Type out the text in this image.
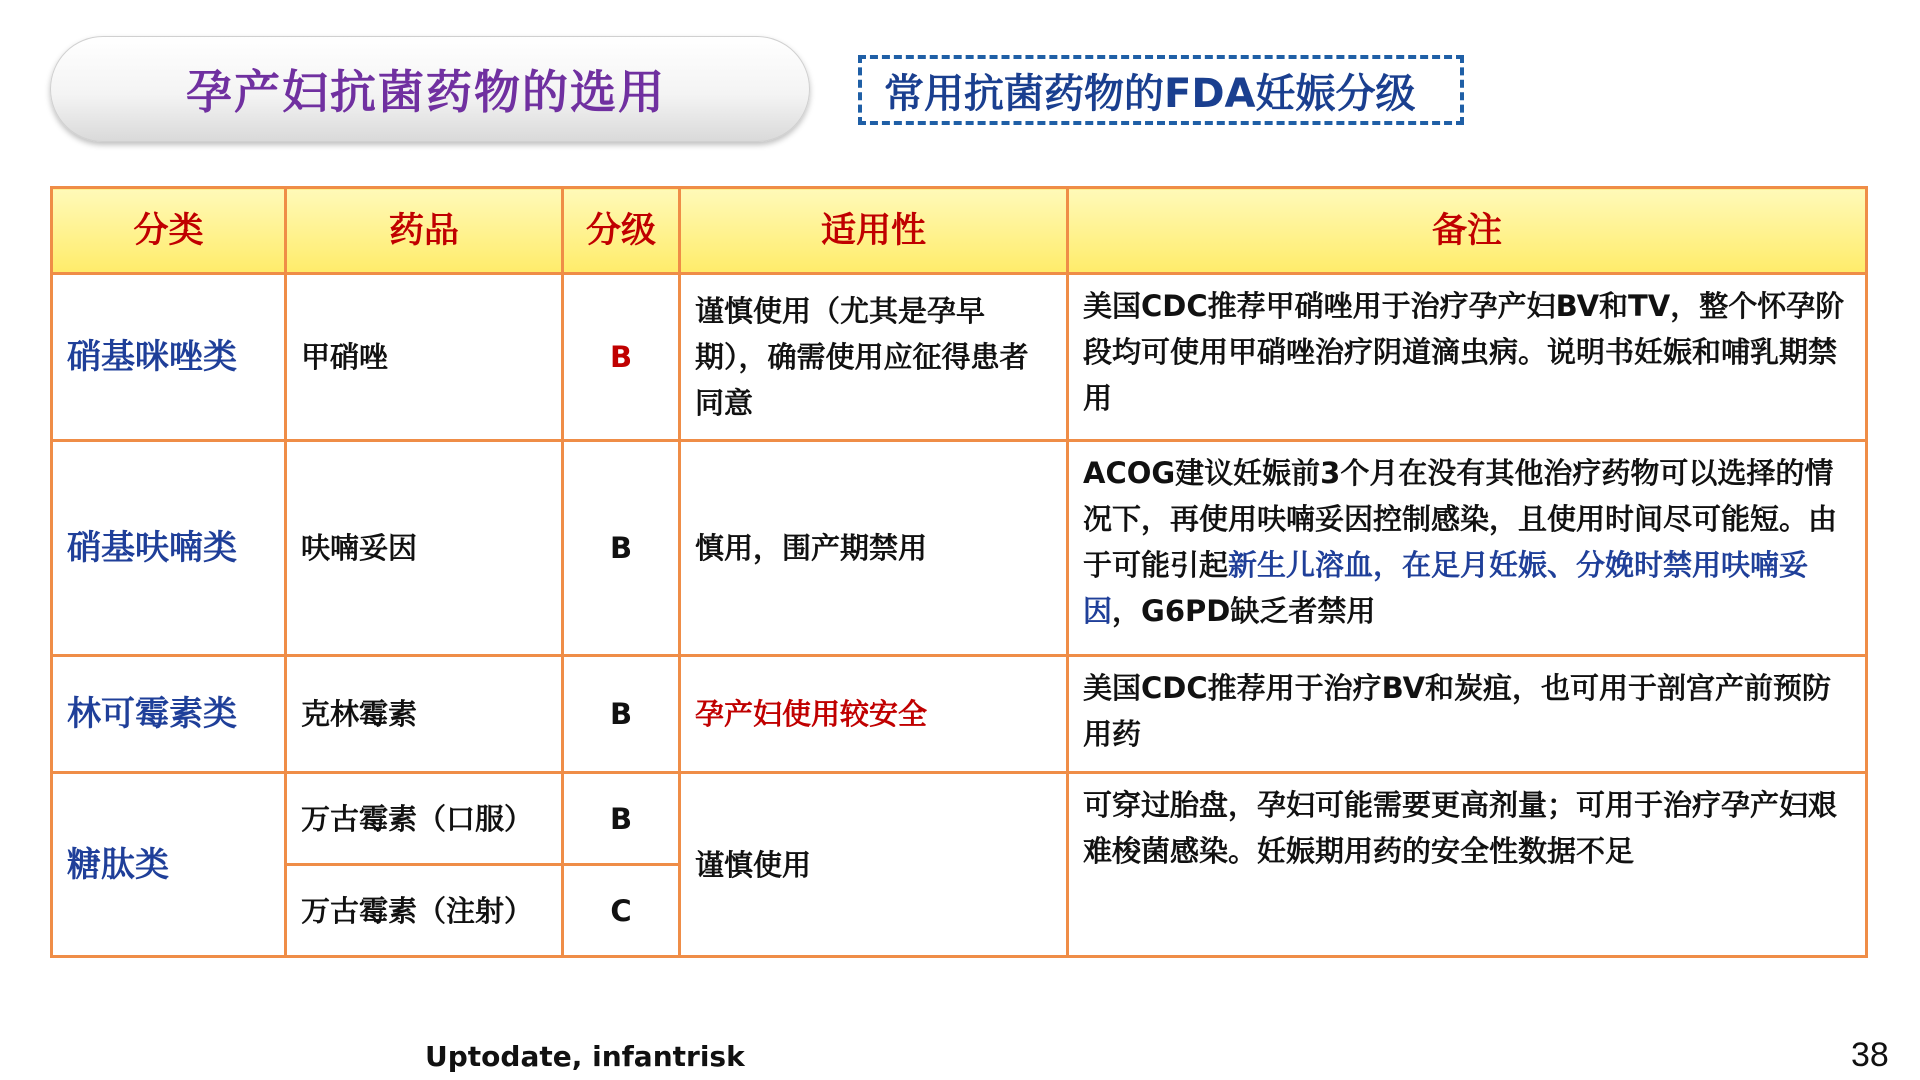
孕产妇抗菌药物的选用	常用抗菌药物的FDA妊娠分级
分类	药品	分级	适用性	备注
硝基咪唑类	甲硝唑	B	谨慎使用（尤其是孕早期），确需使用应征得患者同意	美国CDC推荐甲硝唑用于治疗孕产妇BV和TV，整个怀孕阶段均可使用甲硝唑治疗阴道滴虫病。说明书妊娠和哺乳期禁用
硝基呋喃类	呋喃妥因	B	慎用，围产期禁用	ACOG建议妊娠前3个月在没有其他治疗药物可以选择的情况下，再使用呋喃妥因控制感染，且使用时间尽可能短。由于可能引起新生儿溶血，在足月妊娠、分娩时禁用呋喃妥因，G6PD缺乏者禁用
林可霉素类	克林霉素	B	孕产妇使用较安全	美国CDC推荐用于治疗BV和炭疽，也可用于剖宫产前预防用药
糖肽类	万古霉素（口服）	B	谨慎使用	可穿过胎盘，孕妇可能需要更高剂量；可用于治疗孕产妇艰难梭菌感染。妊娠期用药的安全性数据不足
	万古霉素（注射）	C		
Uptodate, infantrisk	38
